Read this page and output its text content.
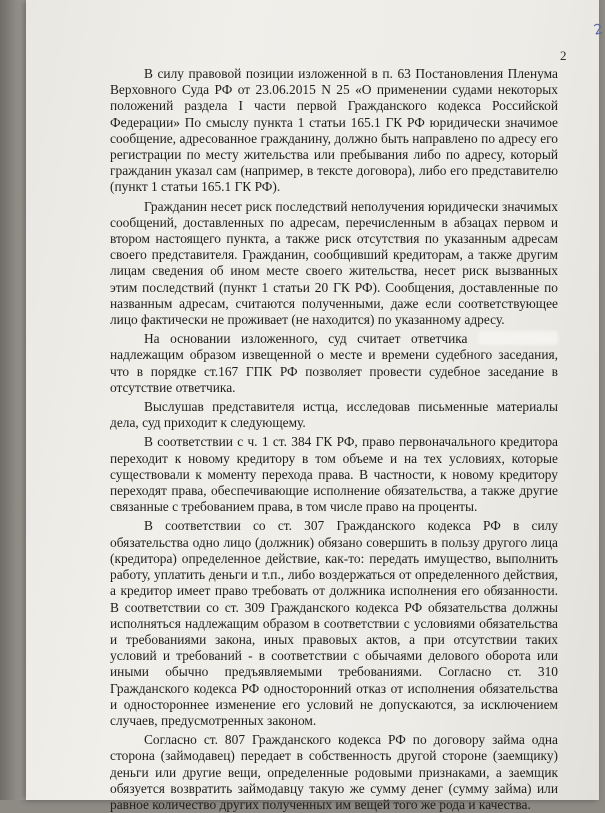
2
2

В силу правовой позиции изложенной в п. 63 Постановления Пленума Верховного Суда РФ от 23.06.2015 N 25 «О применении судами некоторых положений раздела I части первой Гражданского кодекса Российской Федерации» По смыслу пункта 1 статьи 165.1 ГК РФ юридически значимое сообщение, адресованное гражданину, должно быть направлено по адресу его регистрации по месту жительства или пребывания либо по адресу, который гражданин указал сам (например, в тексте договора), либо его представителю (пункт 1 статьи 165.1 ГК РФ).

Гражданин несет риск последствий неполучения юридически значимых сообщений, доставленных по адресам, перечисленным в абзацах первом и втором настоящего пункта, а также риск отсутствия по указанным адресам своего представителя. Гражданин, сообщивший кредиторам, а также другим лицам сведения об ином месте своего жительства, несет риск вызванных этим последствий (пункт 1 статьи 20 ГК РФ). Сообщения, доставленные по названным адресам, считаются полученными, даже если соответствующее лицо фактически не проживает (не находится) по указанному адресу.

На основании изложенного, суд считает ответчика  надлежащим образом извещенной о месте и времени судебного заседания, что в порядке ст.167 ГПК РФ позволяет провести судебное заседание в отсутствие ответчика.

Выслушав представителя истца, исследовав письменные материалы дела, суд приходит к следующему.

В соответствии с ч. 1 ст. 384 ГК РФ, право первоначального кредитора переходит к новому кредитору в том объеме и на тех условиях, которые существовали к моменту перехода права. В частности, к новому кредитору переходят права, обеспечивающие исполнение обязательства, а также другие связанные с требованием права, в том числе право на проценты.

В соответствии со ст. 307 Гражданского кодекса РФ в силу обязательства одно лицо (должник) обязано совершить в пользу другого лица (кредитора) определенное действие, как-то: передать имущество, выполнить работу, уплатить деньги и т.п., либо воздержаться от определенного действия, а кредитор имеет право требовать от должника исполнения его обязанности. В соответствии со ст. 309 Гражданского кодекса РФ обязательства должны исполняться надлежащим образом в соответствии с условиями обязательства и требованиями закона, иных правовых актов, а при отсутствии таких условий и требований - в соответствии с обычаями делового оборота или иными обычно предъявляемыми требованиями. Согласно ст. 310 Гражданского кодекса РФ односторонний отказ от исполнения обязательства и одностороннее изменение его условий не допускаются, за исключением случаев, предусмотренных законом.

Согласно ст. 807 Гражданского кодекса РФ по договору займа одна сторона (займодавец) передает в собственность другой стороне (заемщику) деньги или другие вещи, определенные родовыми признаками, а заемщик обязуется возвратить займодавцу такую же сумму денег (сумму займа) или равное количество других полученных им вещей того же рода и качества.
